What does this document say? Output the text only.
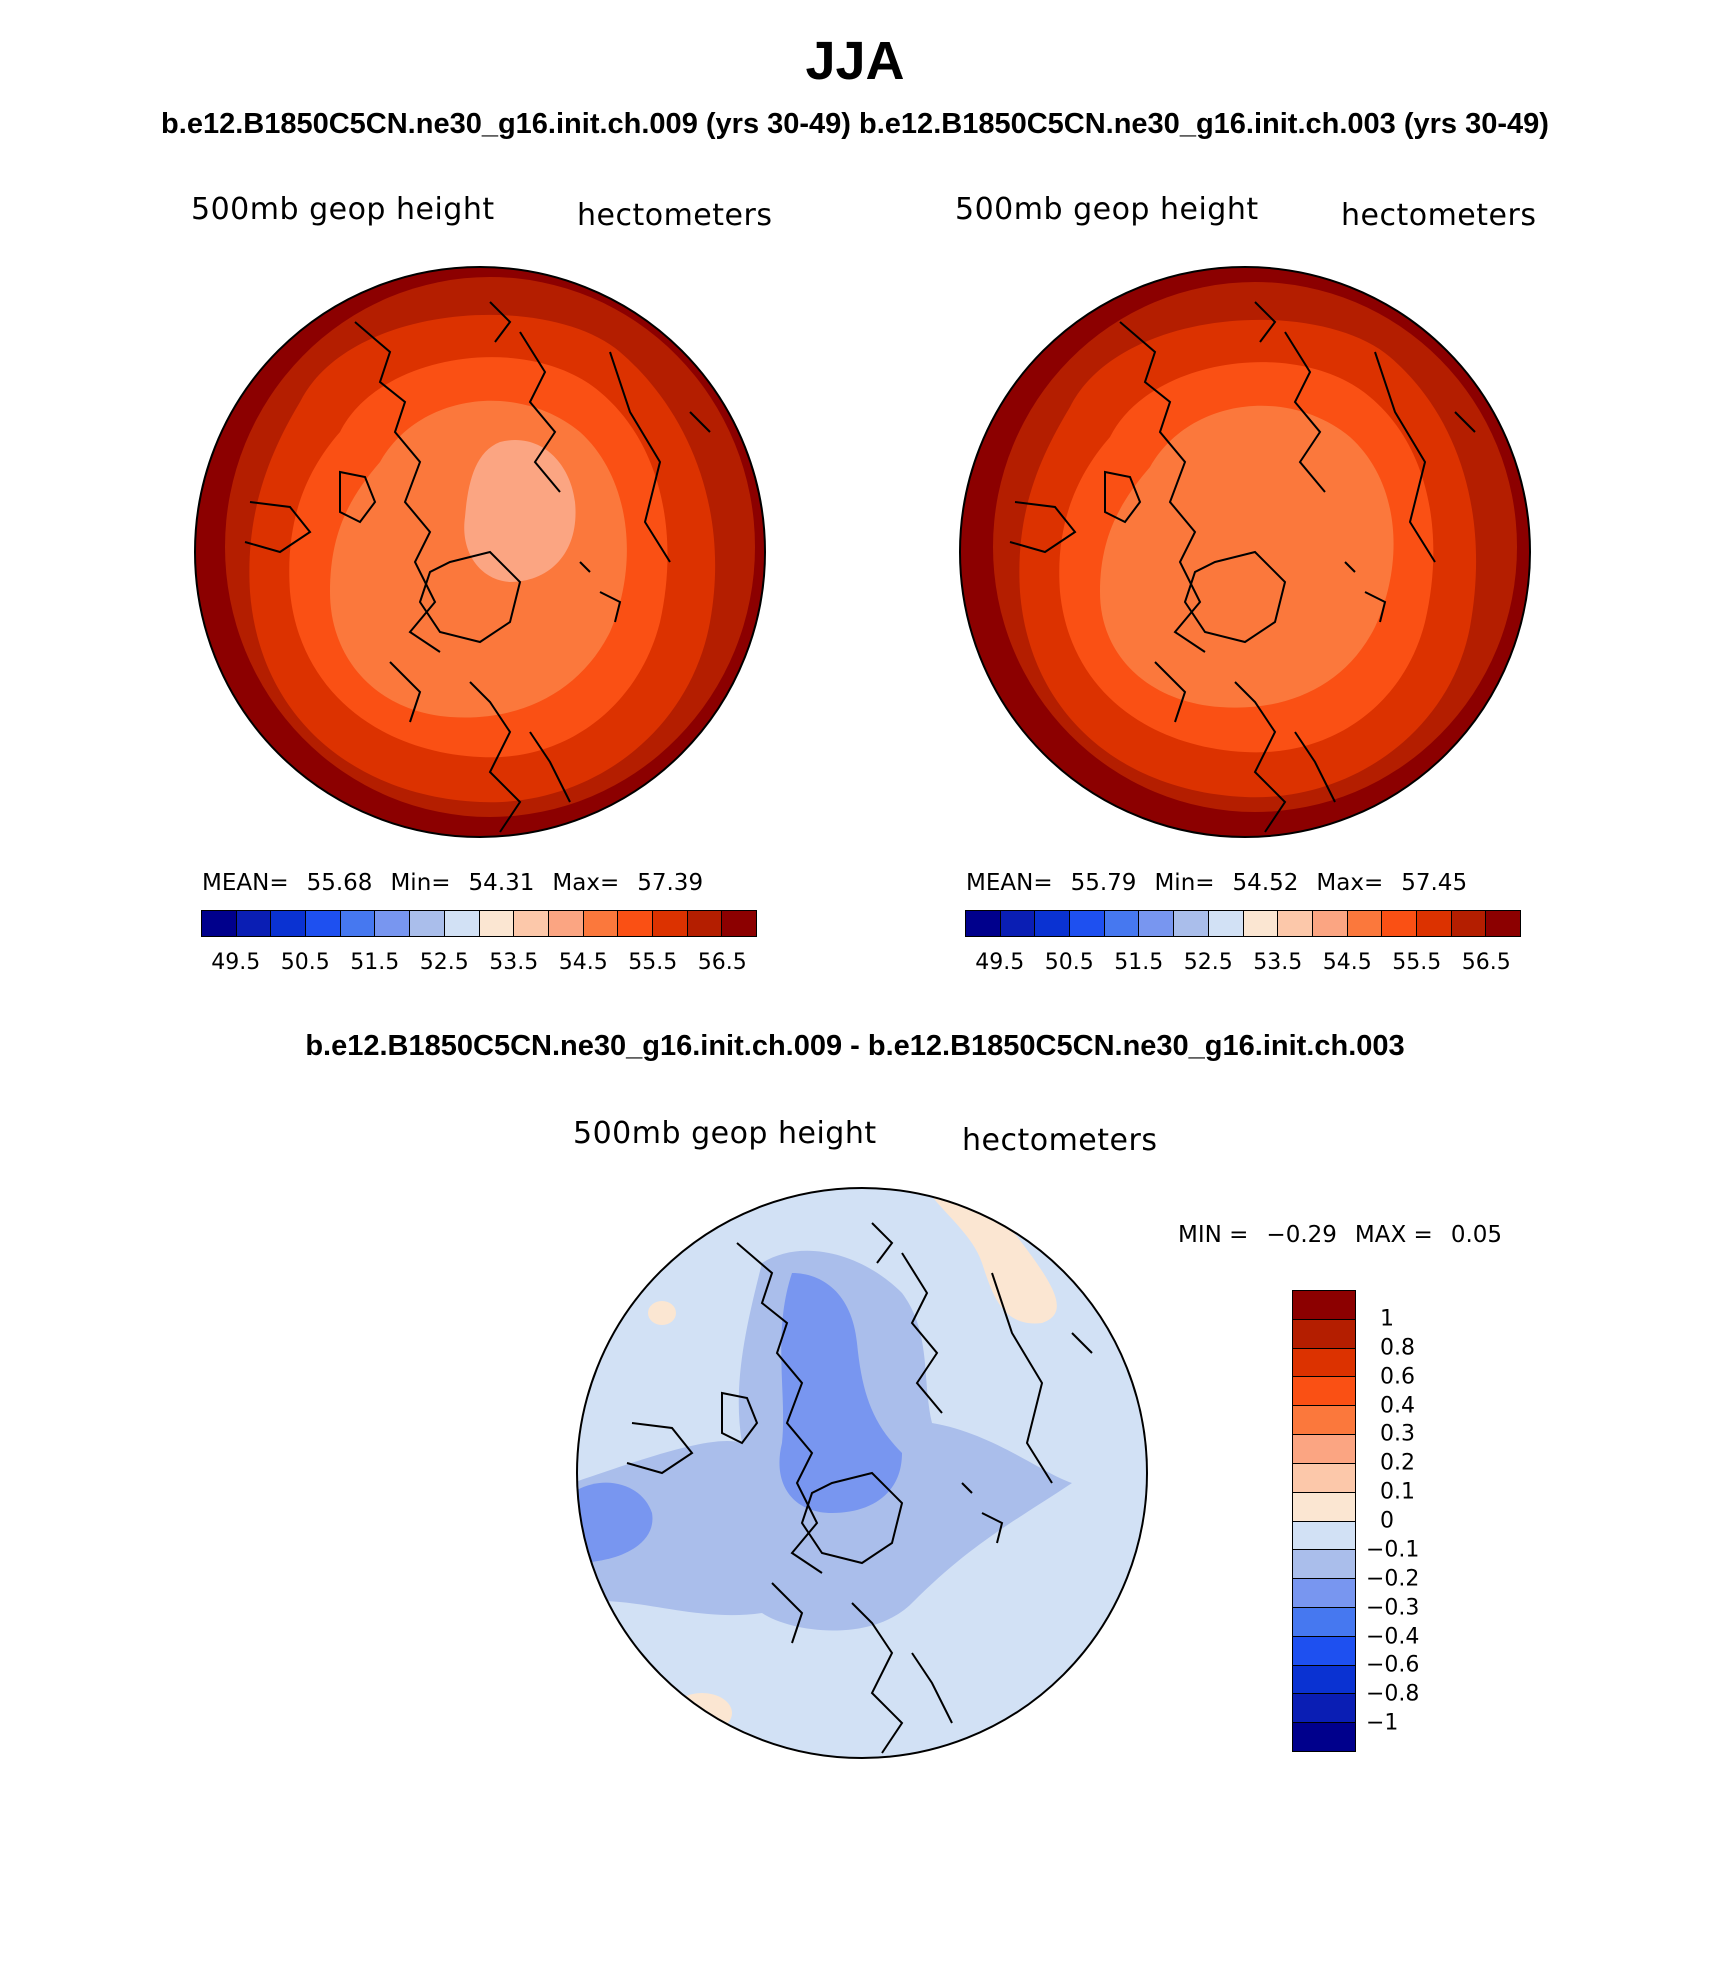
JJA
b.e12.B1850C5CN.ne30_g16.init.ch.009 (yrs 30-49) b.e12.B1850C5CN.ne30_g16.init.ch.003 (yrs 30-49)
500mb geop height	hectometers
MEAN= 55.68 Min= 54.31 Max= 57.39
49.5 50.5 51.5 52.5 53.5 54.5 55.5 56.5
500mb geop height	hectometers
MEAN= 55.79 Min= 54.52 Max= 57.45
49.5 50.5 51.5 52.5 53.5 54.5 55.5 56.5
b.e12.B1850C5CN.ne30_g16.init.ch.009 - b.e12.B1850C5CN.ne30_g16.init.ch.003
500mb geop height	hectometers
MIN = −0.29 MAX = 0.05
1
0.8
0.6
0.4
0.3
0.2
0.1
0
−0.1
−0.2
−0.3
−0.4
−0.6
−0.8
−1
